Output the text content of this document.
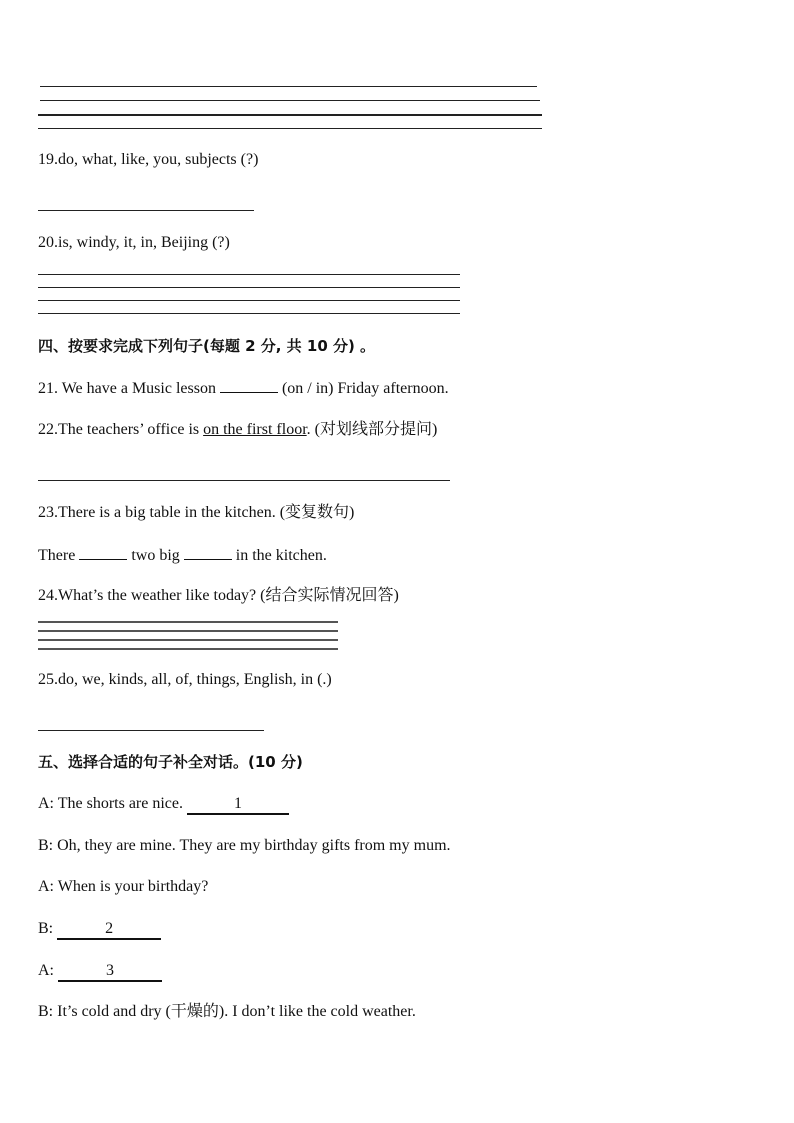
19.do, what, like, you, subjects (?)
20.is, windy, it, in, Beijing (?)
四、按要求完成下列句子(每题 2 分, 共 10 分) 。
21. We have a Music lesson	(on / in) Friday afternoon.
22.The teachers’ office is on the first floor. (对划线部分提问)
23.There is a big table in the kitchen. (变复数句)
There	two big	in the kitchen.
24.What’s the weather like today? (结合实际情况回答)
25.do, we, kinds, all, of, things, English, in (.)
五、选择合适的句子补全对话。(10 分)
A: The shorts are nice.	1
B: Oh, they are mine. They are my birthday gifts from my mum.
A: When is your birthday?
B:	2
A:	3
B: It’s cold and dry (干燥的). I don’t like the cold weather.
